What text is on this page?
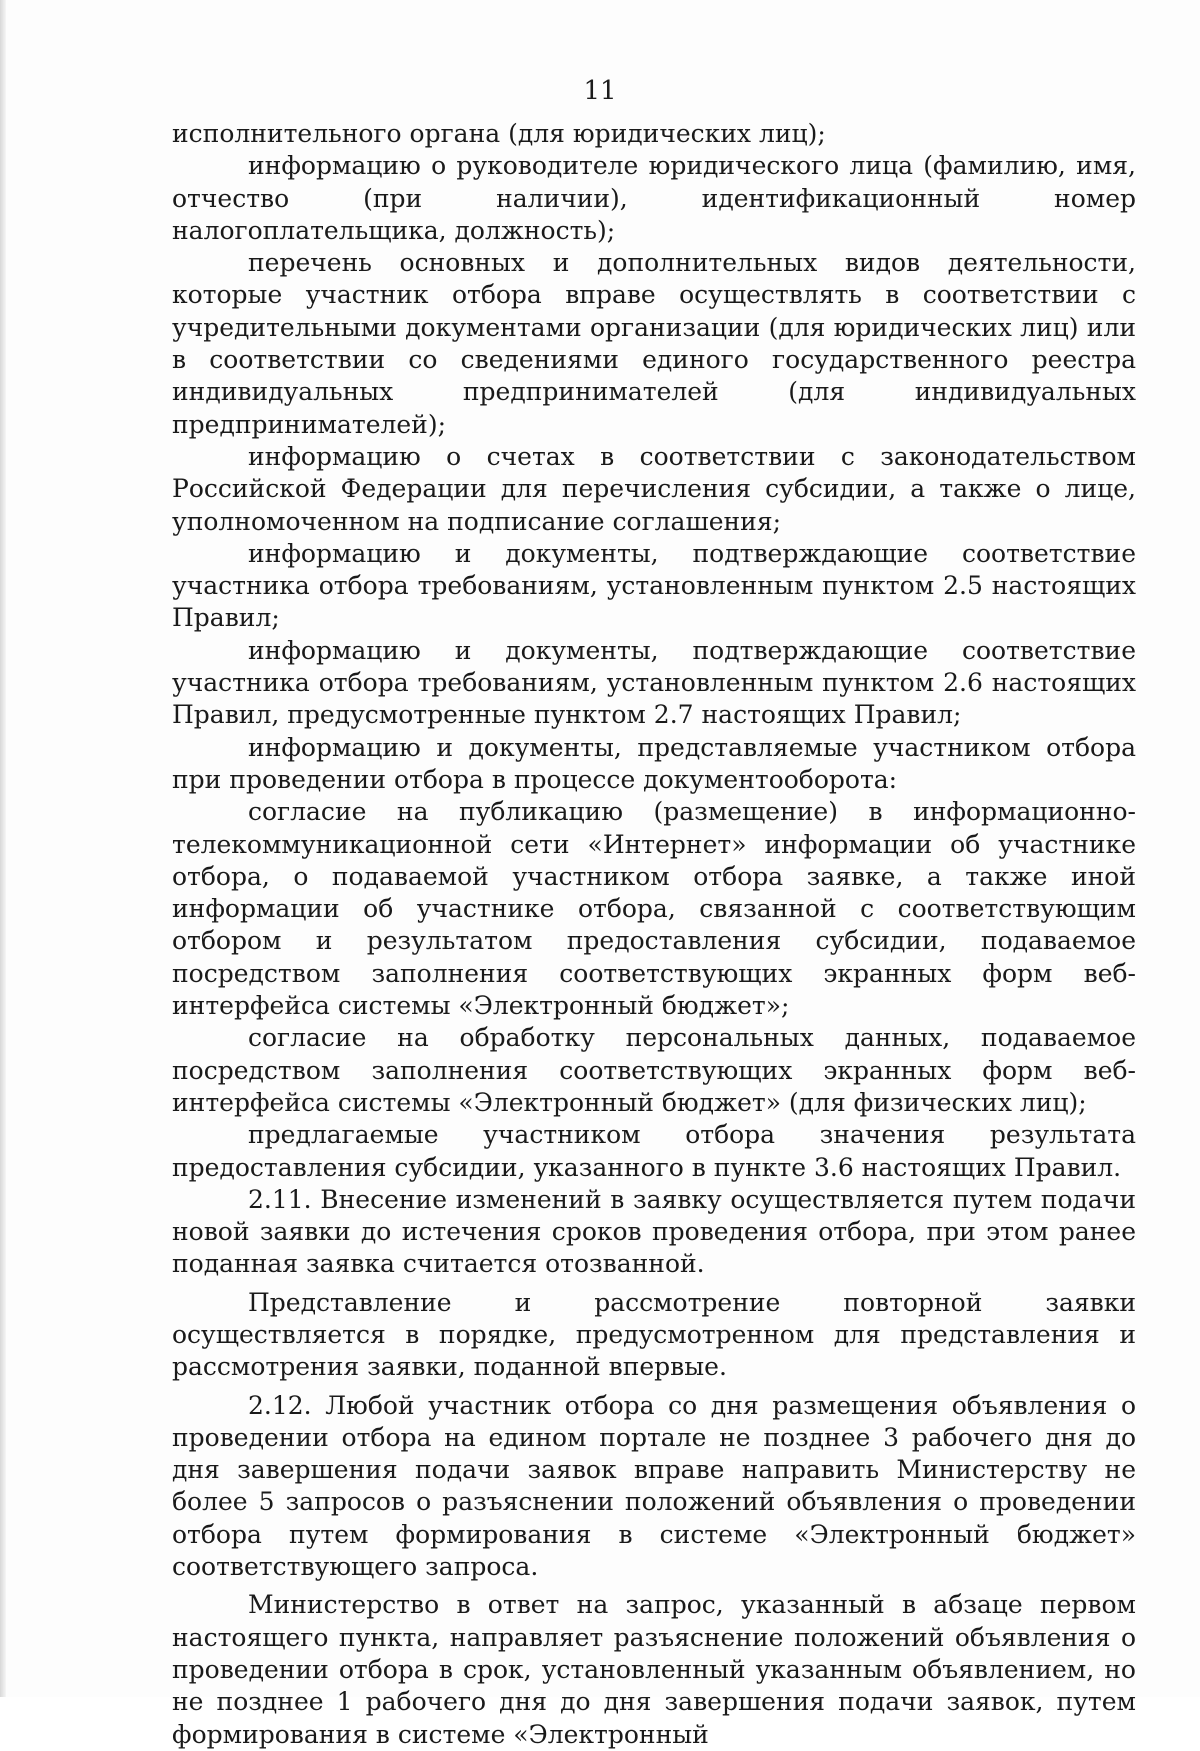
11

исполнительного органа (для юридических лиц);

информацию о руководителе юридического лица (фамилию, имя, отчество (при наличии), идентификационный номер налогоплательщика, должность);

перечень основных и дополнительных видов деятельности, которые участник отбора вправе осуществлять в соответствии с учредительными документами организации (для юридических лиц) или в соответствии со сведениями единого государственного реестра индивидуальных предпринимателей (для индивидуальных предпринимателей);

информацию о счетах в соответствии с законодательством Российской Федерации для перечисления субсидии, а также о лице, уполномоченном на подписание соглашения;

информацию и документы, подтверждающие соответствие участника отбора требованиям, установленным пунктом 2.5 настоящих Правил;

информацию и документы, подтверждающие соответствие участника отбора требованиям, установленным пунктом 2.6 настоящих Правил, предусмотренные пунктом 2.7 настоящих Правил;

информацию и документы, представляемые участником отбора при проведении отбора в процессе документооборота:

согласие на публикацию (размещение) в информационно-телекоммуникационной сети «Интернет» информации об участнике отбора, о подаваемой участником отбора заявке, а также иной информации об участнике отбора, связанной с соответствующим отбором и результатом предоставления субсидии, подаваемое посредством заполнения соответствующих экранных форм веб-интерфейса системы «Электронный бюджет»;

согласие на обработку персональных данных, подаваемое посредством заполнения соответствующих экранных форм веб-интерфейса системы «Электронный бюджет» (для физических лиц);

предлагаемые участником отбора значения результата предоставления субсидии, указанного в пункте 3.6 настоящих Правил.

2.11. Внесение изменений в заявку осуществляется путем подачи новой заявки до истечения сроков проведения отбора, при этом ранее поданная заявка считается отозванной.

Представление и рассмотрение повторной заявки осуществляется в порядке, предусмотренном для представления и рассмотрения заявки, поданной впервые.

2.12. Любой участник отбора со дня размещения объявления о проведении отбора на едином портале не позднее 3 рабочего дня до дня завершения подачи заявок вправе направить Министерству не более 5 запросов о разъяснении положений объявления о проведении отбора путем формирования в системе «Электронный бюджет» соответствующего запроса.

Министерство в ответ на запрос, указанный в абзаце первом настоящего пункта, направляет разъяснение положений объявления о проведении отбора в срок, установленный указанным объявлением, но не позднее 1 рабочего дня до дня завершения подачи заявок, путем формирования в системе «Электронный
